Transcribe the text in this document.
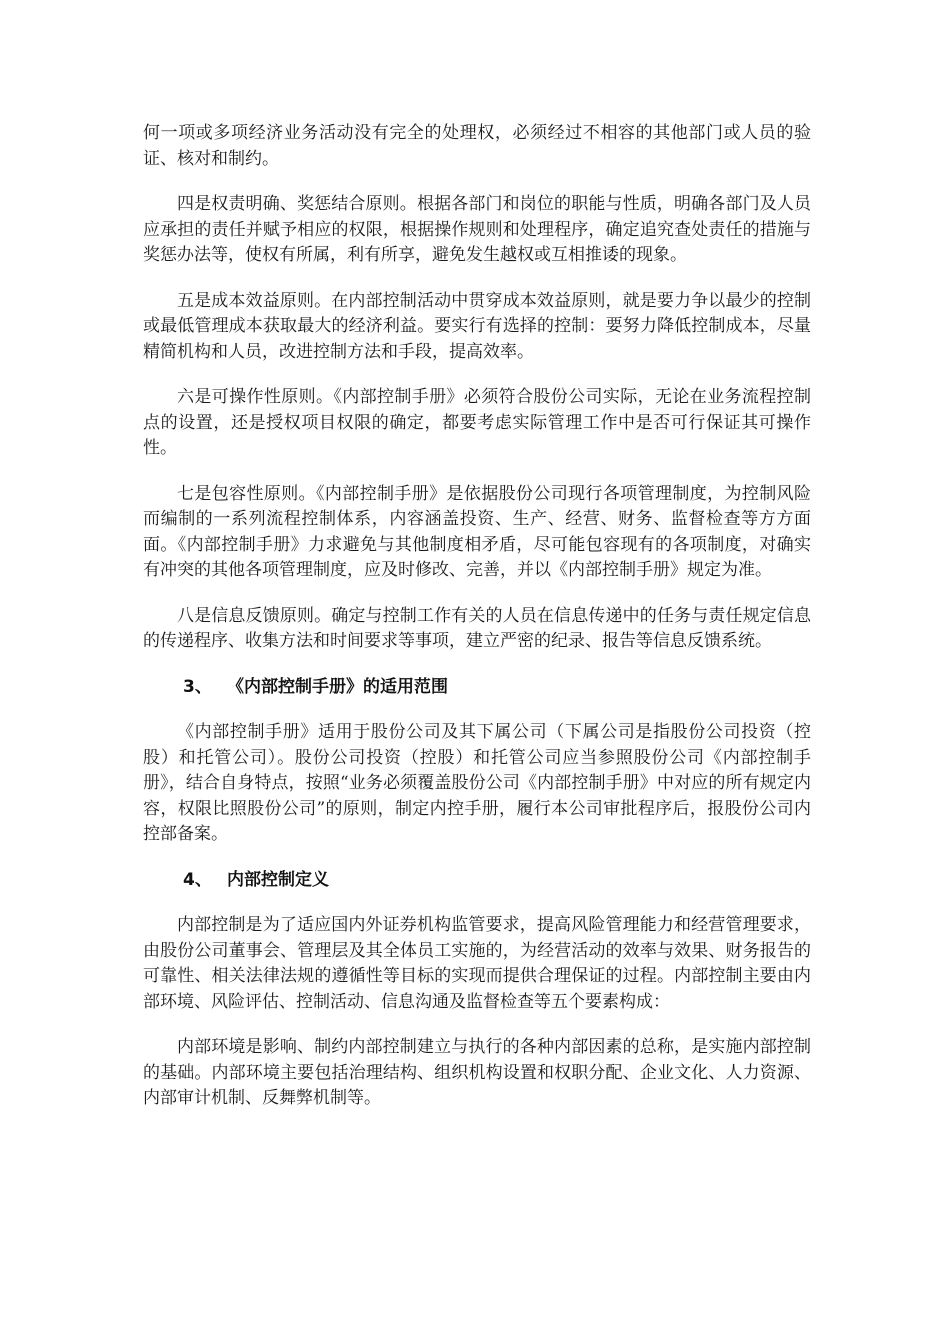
何一项或多项经济业务活动没有完全的处理权，必须经过不相容的其他部门或人员的验证、核对和制约。

四是权责明确、奖惩结合原则。根据各部门和岗位的职能与性质，明确各部门及人员应承担的责任并赋予相应的权限，根据操作规则和处理程序，确定追究查处责任的措施与奖惩办法等，使权有所属，利有所享，避免发生越权或互相推诿的现象。

五是成本效益原则。在内部控制活动中贯穿成本效益原则，就是要力争以最少的控制或最低管理成本获取最大的经济利益。要实行有选择的控制：要努力降低控制成本，尽量精简机构和人员，改进控制方法和手段，提高效率。

六是可操作性原则。《内部控制手册》必须符合股份公司实际，无论在业务流程控制点的设置，还是授权项目权限的确定，都要考虑实际管理工作中是否可行保证其可操作性。

七是包容性原则。《内部控制手册》是依据股份公司现行各项管理制度，为控制风险而编制的一系列流程控制体系，内容涵盖投资、生产、经营、财务、监督检查等方方面面。《内部控制手册》力求避免与其他制度相矛盾，尽可能包容现有的各项制度，对确实有冲突的其他各项管理制度，应及时修改、完善，并以《内部控制手册》规定为准。

八是信息反馈原则。确定与控制工作有关的人员在信息传递中的任务与责任规定信息的传递程序、收集方法和时间要求等事项，建立严密的纪录、报告等信息反馈系统。

3、 《内部控制手册》的适用范围

《内部控制手册》适用于股份公司及其下属公司（下属公司是指股份公司投资（控股）和托管公司）。股份公司投资（控股）和托管公司应当参照股份公司《内部控制手册》，结合自身特点，按照“业务必须覆盖股份公司《内部控制手册》中对应的所有规定内容，权限比照股份公司”的原则，制定内控手册，履行本公司审批程序后，报股份公司内控部备案。

4、 内部控制定义

内部控制是为了适应国内外证券机构监管要求，提高风险管理能力和经营管理要求，由股份公司董事会、管理层及其全体员工实施的，为经营活动的效率与效果、财务报告的可靠性、相关法律法规的遵循性等目标的实现而提供合理保证的过程。内部控制主要由内部环境、风险评估、控制活动、信息沟通及监督检查等五个要素构成：

内部环境是影响、制约内部控制建立与执行的各种内部因素的总称，是实施内部控制的基础。内部环境主要包括治理结构、组织机构设置和权职分配、企业文化、人力资源、内部审计机制、反舞弊机制等。
